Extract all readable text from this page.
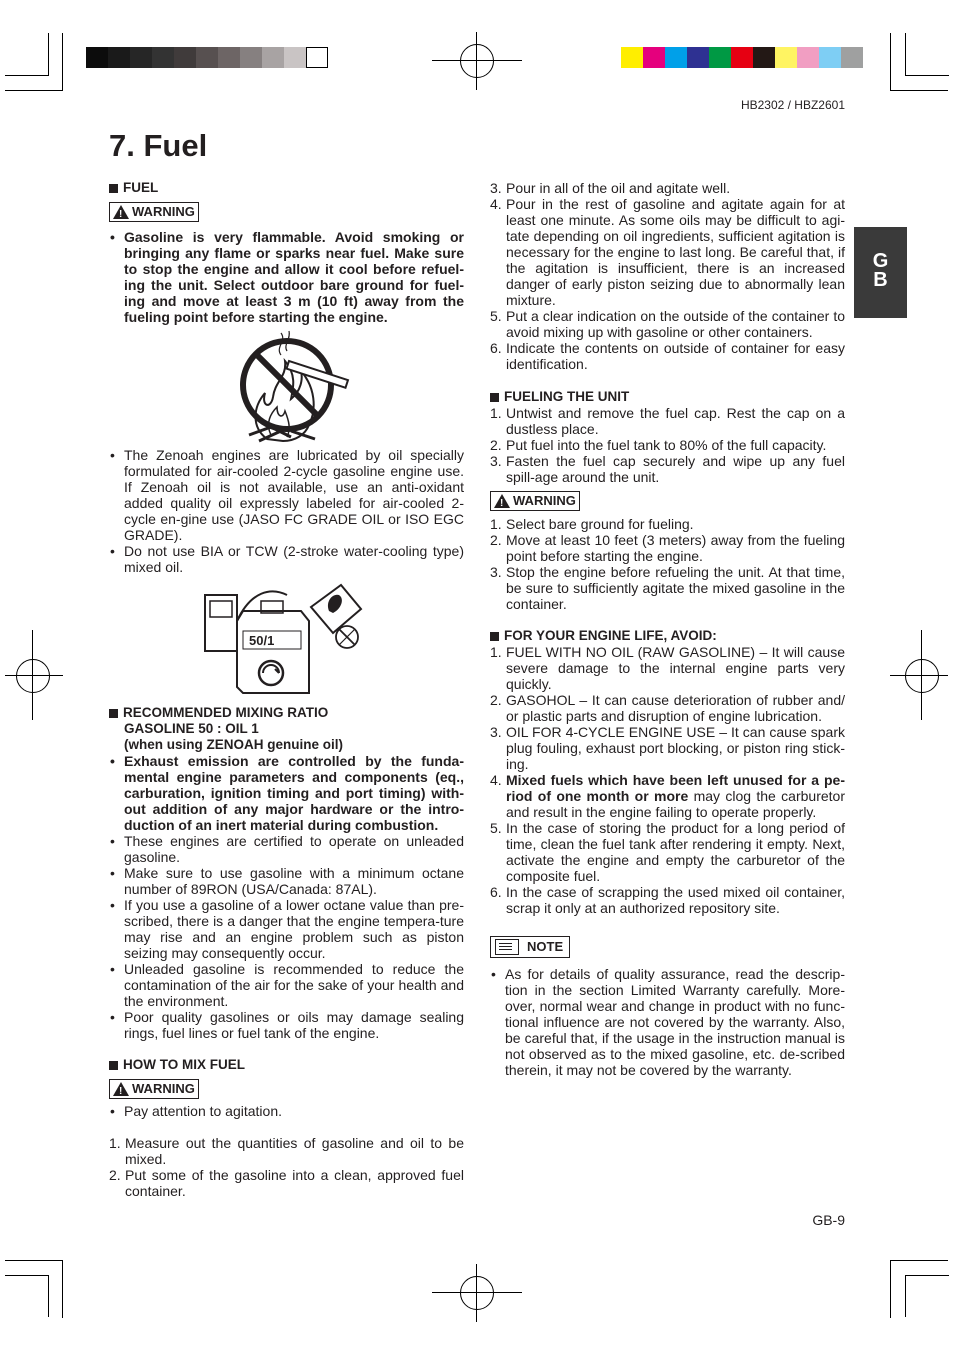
HB2302 / HBZ2601
7. Fuel
G
B
FUEL
! WARNING

• Gasoline is very flammable. Avoid smoking or bringing any flame or sparks near fuel. Make sure to stop the engine and allow it cool before refuel-ing the unit. Select outdoor bare ground for fuel-ing and move at least 3 m (10 ft) away from the fueling point before starting the engine.

• The Zenoah engines are lubricated by oil specially formulated for air-cooled 2-cycle gasoline engine use. If Zenoah oil is not available, use an anti-oxidant added quality oil expressly labeled for air-cooled 2-cycle en-gine use (JASO FC GRADE OIL or ISO EGC GRADE).

• Do not use BIA or TCW (2-stroke water-cooling type) mixed oil.

50/1
RECOMMENDED MIXING RATIO

GASOLINE 50 : OIL 1

(when using ZENOAH genuine oil)

• Exhaust emission are controlled by the funda-mental engine parameters and components (eq., carburation, ignition timing and port timing) with-out addition of any major hardware or the intro-duction of an inert material during combustion.

• These engines are certified to operate on unleaded gasoline.

• Make sure to use gasoline with a minimum octane number of 89RON (USA/Canada: 87AL).

• If you use a gasoline of a lower octane value than pre-scribed, there is a danger that the engine tempera-ture may rise and an engine problem such as piston seizing may consequently occur.

• Unleaded gasoline is recommended to reduce the contamination of the air for the sake of your health and the environment.

• Poor quality gasolines or oils may damage sealing rings, fuel lines or fuel tank of the engine.

HOW TO MIX FUEL
! WARNING

• Pay attention to agitation.

1. Measure out the quantities of gasoline and oil to be mixed.

2. Put some of the gasoline into a clean, approved fuel container.

3. Pour in all of the oil and agitate well.

4. Pour in the rest of gasoline and agitate again for at least one minute. As some oils may be difficult to agi-tate depending on oil ingredients, sufficient agitation is necessary for the engine to last long. Be careful that, if the agitation is insufficient, there is an increased danger of early piston seizing due to abnormally lean mixture.

5. Put a clear indication on the outside of the container to avoid mixing up with gasoline or other containers.

6. Indicate the contents on outside of container for easy identification.

FUELING THE UNIT

1. Untwist and remove the fuel cap. Rest the cap on a dustless place.

2. Put fuel into the fuel tank to 80% of the full capacity.

3. Fasten the fuel cap securely and wipe up any fuel spill-age around the unit.

! WARNING

1. Select bare ground for fueling.

2. Move at least 10 feet (3 meters) away from the fueling point before starting the engine.

3. Stop the engine before refueling the unit. At that time, be sure to sufficiently agitate the mixed gasoline in the container.

FOR YOUR ENGINE LIFE, AVOID:

1. FUEL WITH NO OIL (RAW GASOLINE) – It will cause severe damage to the internal engine parts very quickly.

2. GASOHOL – It can cause deterioration of rubber and/ or plastic parts and disruption of engine lubrication.

3. OIL FOR 4-CYCLE ENGINE USE – It can cause spark plug fouling, exhaust port blocking, or piston ring stick-ing.

4. Mixed fuels which have been left unused for a pe-riod of one month or more may clog the carburetor and result in the engine failing to operate properly.

5. In the case of storing the product for a long period of time, clean the fuel tank after rendering it empty. Next, activate the engine and empty the carburetor of the composite fuel.

6. In the case of scrapping the used mixed oil container, scrap it only at an authorized repository site.

NOTE

• As for details of quality assurance, read the descrip-tion in the section Limited Warranty carefully. More-over, normal wear and change in product with no func-tional influence are not covered by the warranty. Also, be careful that, if the usage in the instruction manual is not observed as to the mixed gasoline, etc. de-scribed therein, it may not be covered by the warranty.

GB-9
